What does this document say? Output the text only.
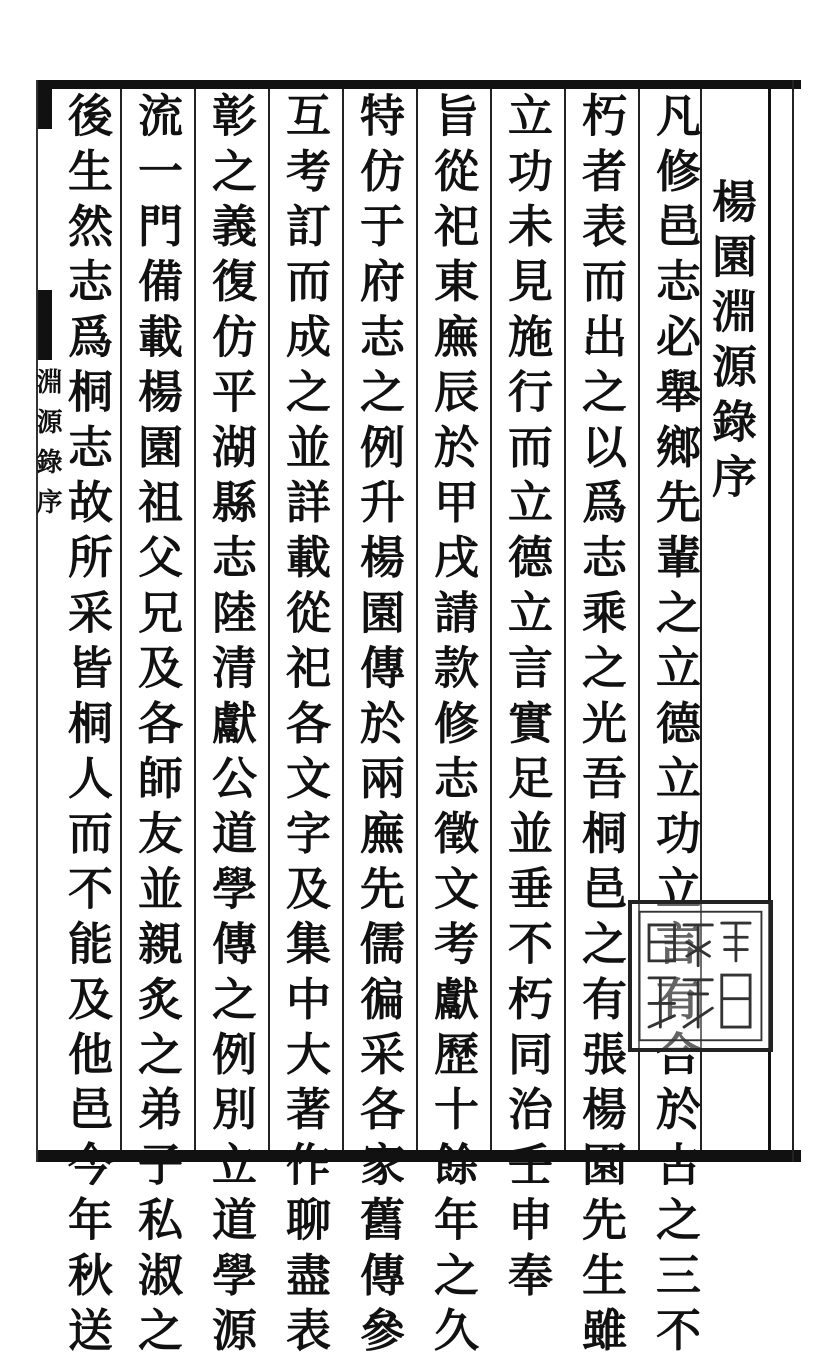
楊園淵源錄序
凡修邑志必舉鄉先輩之立德立功立言有合於古之三不
朽者表而出之以爲志乘之光吾桐邑之有張楊園先生雖
立功未見施行而立德立言實足並垂不朽同治壬申奉
旨從祀東廡辰於甲戌請款修志徵文考獻歷十餘年之久
特仿于府志之例升楊園傳於兩廡先儒徧采各家舊傳參
互考訂而成之並詳載從祀各文字及集中大著作聊盡表
彰之義復仿平湖縣志陸清獻公道學傳之例別立道學源
流一門備載楊園祖父兄及各師友並親炙之弟子私淑之
後生然志爲桐志故所采皆桐人而不能及他邑今年秋送
淵源錄序
